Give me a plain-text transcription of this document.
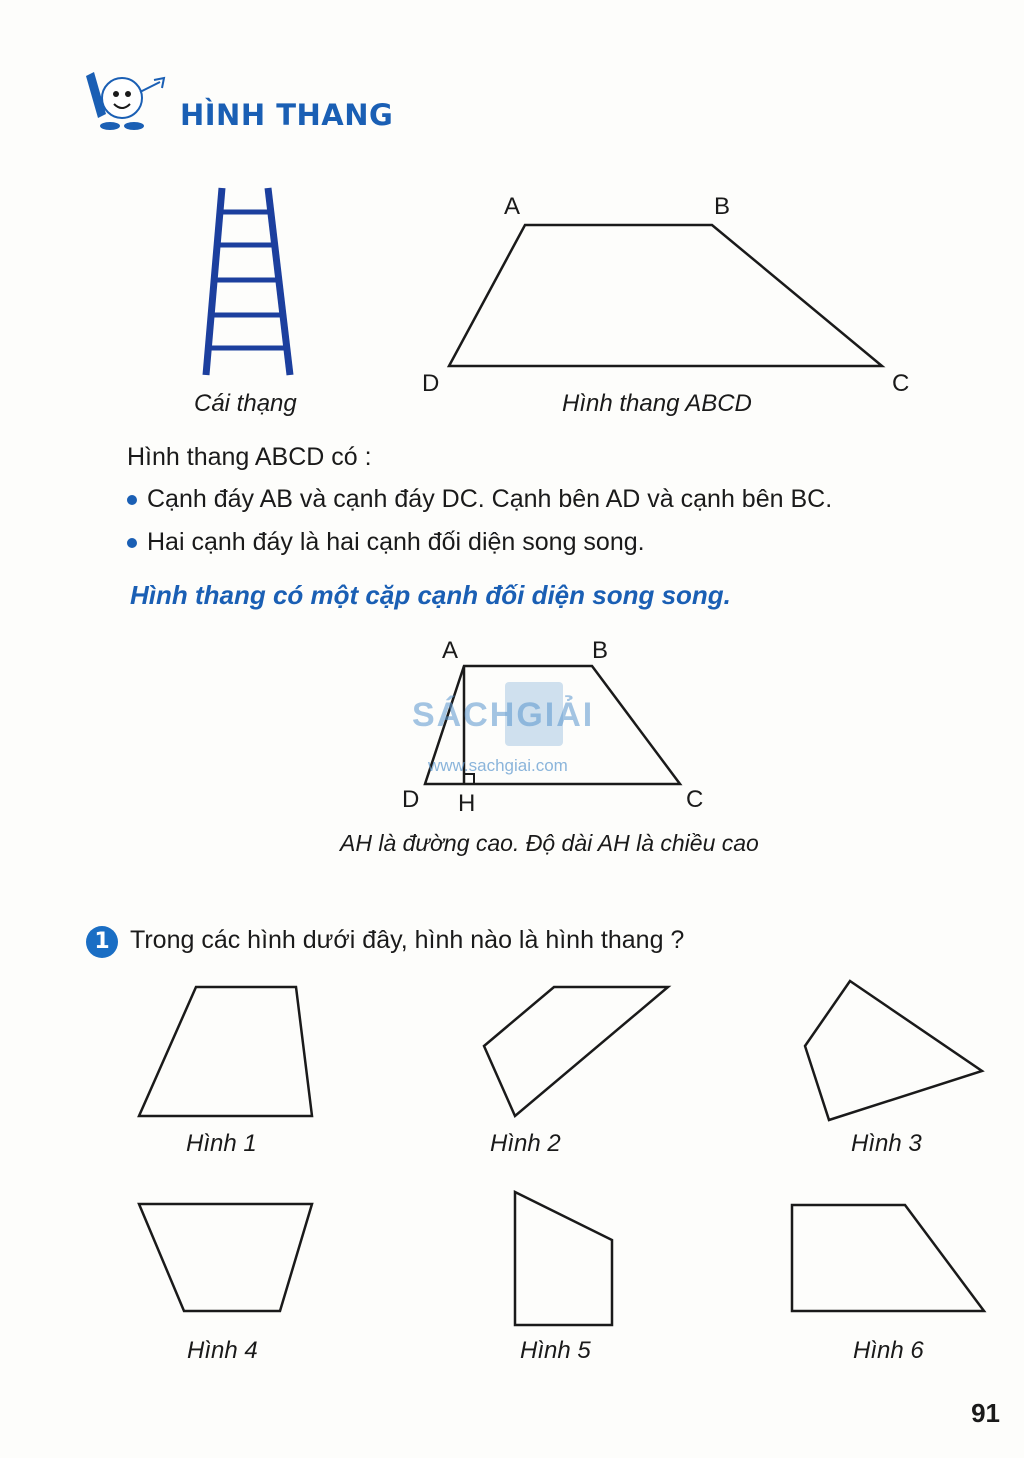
HÌNH THANG
Cái thạng	Hình thang ABCD
A	B
C
D
Hình thang ABCD có :
Cạnh đáy AB và cạnh đáy DC. Cạnh bên AD và cạnh bên BC.
Hai cạnh đáy là hai cạnh đối diện song song.
Hình thang có một cặp cạnh đối diện song song.
SÁCHGIẢI
www.sachgiai.com
A	B
C
D H
AH là đường cao. Độ dài AH là chiều cao
1 Trong các hình dưới đây, hình nào là hình thang ?
Hình 1	Hình 2	Hình 3
Hình 4	Hình 5	Hình 6
91
